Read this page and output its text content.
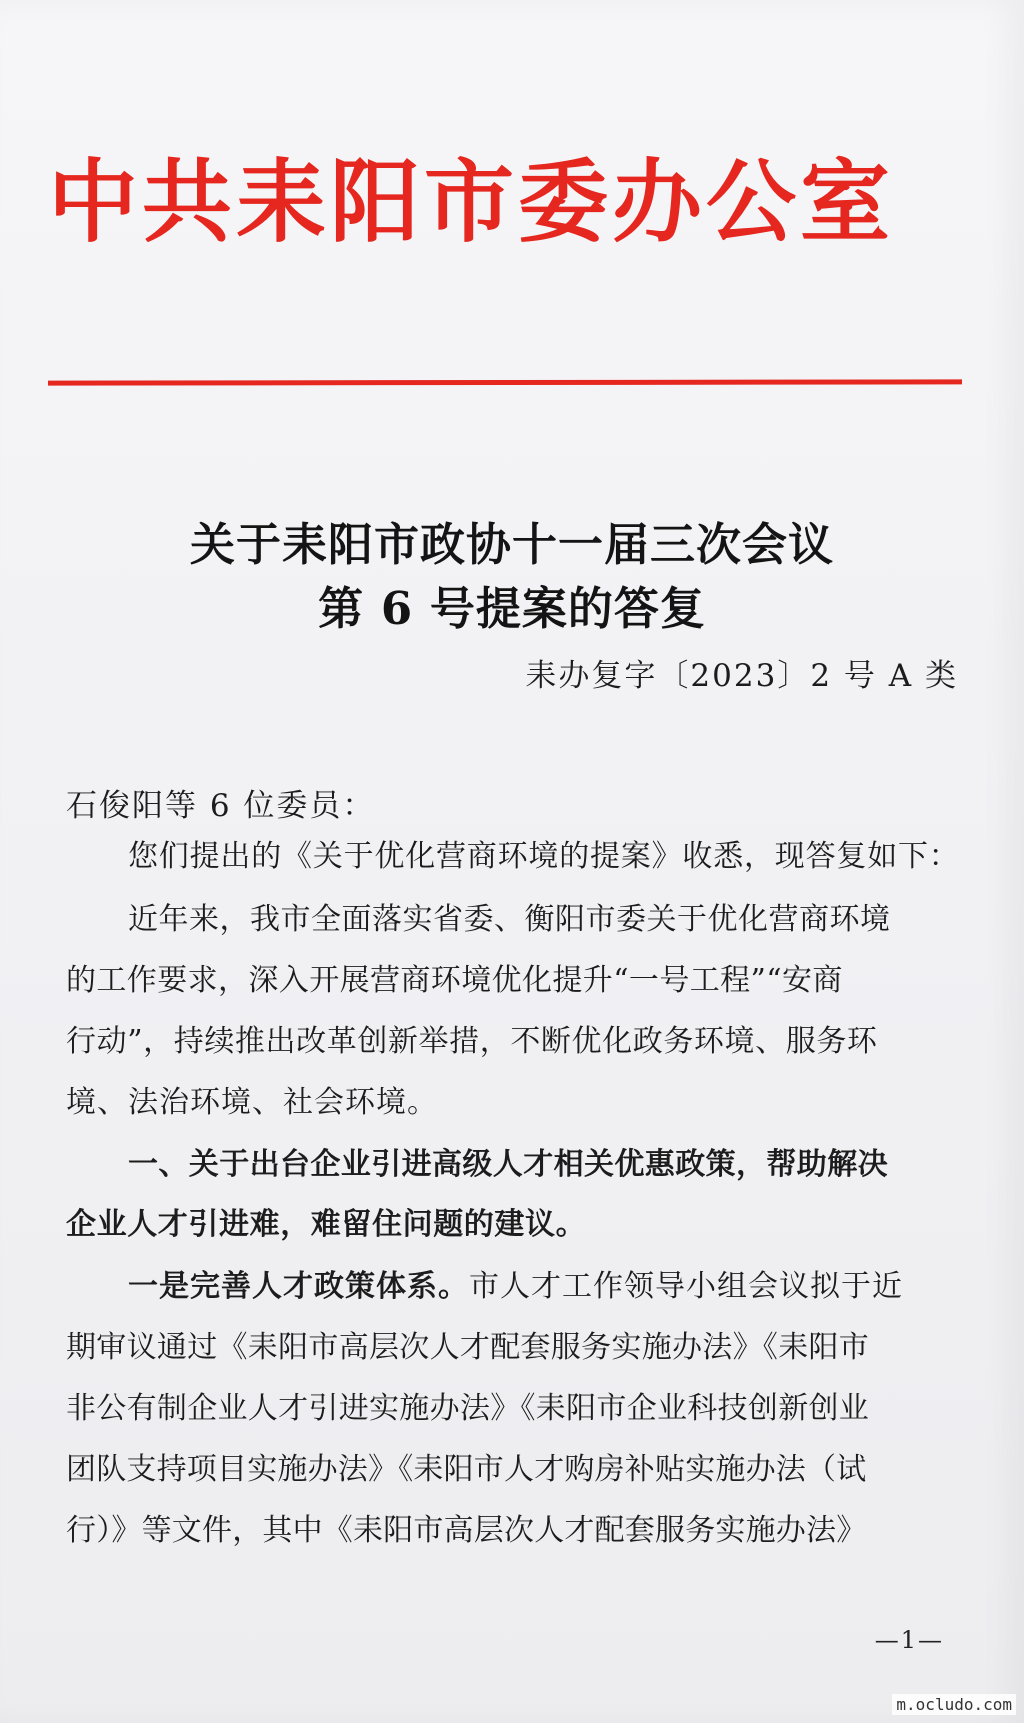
中共耒阳市委办公室
关于耒阳市政协十一届三次会议
第 6 号提案的答复
耒办复字〔2023〕2 号 A 类
石俊阳等 6 位委员：
您们提出的《关于优化营商环境的提案》收悉，现答复如下：
近年来，我市全面落实省委、衡阳市委关于优化营商环境
的工作要求，深入开展营商环境优化提升“一号工程”“安商
行动”，持续推出改革创新举措，不断优化政务环境、服务环
境、法治环境、社会环境。
一、关于出台企业引进高级人才相关优惠政策，帮助解决
企业人才引进难，难留住问题的建议。
一是完善人才政策体系。市人才工作领导小组会议拟于近
期审议通过《耒阳市高层次人才配套服务实施办法》《耒阳市
非公有制企业人才引进实施办法》《耒阳市企业科技创新创业
团队支持项目实施办法》《耒阳市人才购房补贴实施办法（试
行）》等文件，其中《耒阳市高层次人才配套服务实施办法》
—1—
m.ocludo.com
